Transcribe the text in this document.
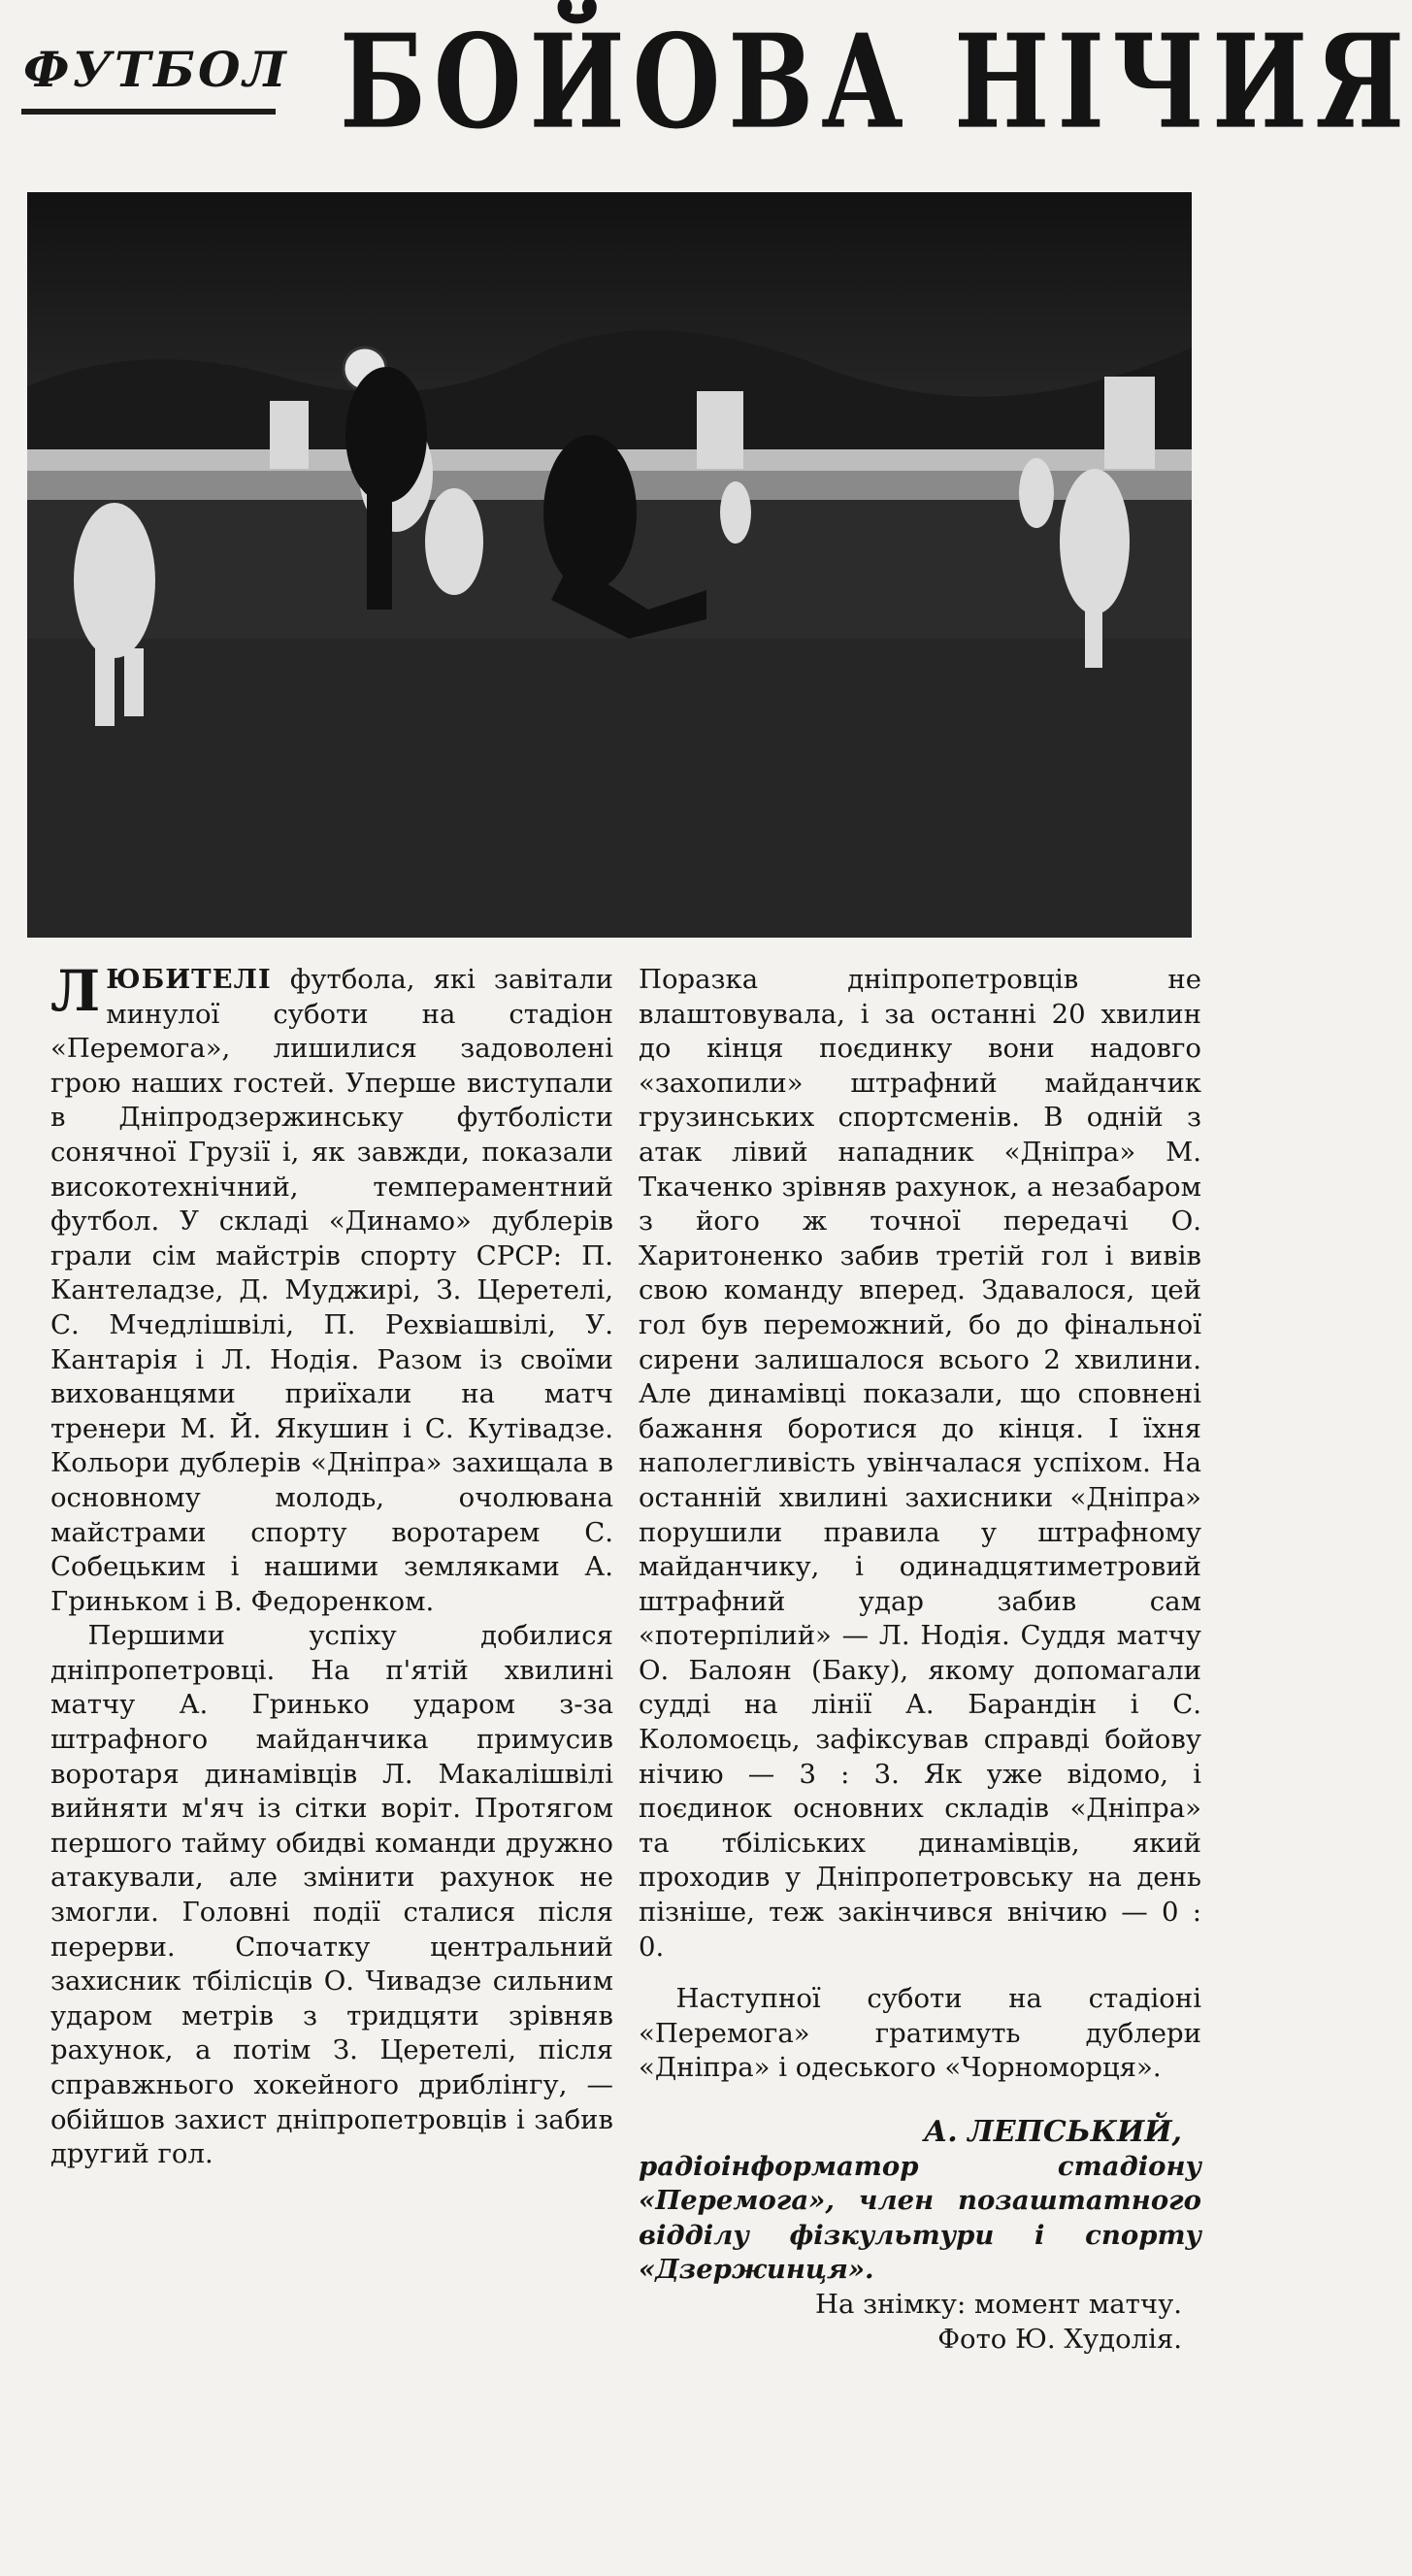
ФУТБОЛ БОЙОВА НІЧИЯ

ЛЮБИТЕЛІ футбола, які завітали минулої суботи на стадіон «Перемога», лишилися задоволені грою наших гостей. Уперше виступали в Дніпродзержинську футболісти сонячної Грузії і, як завжди, показали високотехнічний, темпераментний футбол. У складі «Динамо» дублерів грали сім майстрів спорту СРСР: П. Кантеладзе, Д. Муджирі, З. Церетелі, С. Мчедлішвілі, П. Рехвіашвілі, У. Кантарія і Л. Нодія. Разом із своїми вихованцями приїхали на матч тренери М. Й. Якушин і С. Кутівадзе. Кольори дублерів «Дніпра» захищала в основному молодь, очолювана майстрами спорту воротарем С. Собецьким і нашими земляками А. Гриньком і В. Федоренком.

Першими успіху добилися дніпропетровці. На п'ятій хвилині матчу А. Гринько ударом з-за штрафного майданчика примусив воротаря динамівців Л. Макалішвілі вийняти м'яч із сітки воріт. Протягом першого тайму обидві команди дружно атакували, але змінити рахунок не змогли. Головні події сталися після перерви. Спочатку центральний захисник тбілісців О. Чивадзе сильним ударом метрів з тридцяти зрівняв рахунок, а потім З. Церетелі, після справжнього хокейного дриблінгу, — обійшов захист дніпропетровців і забив другий гол.

Поразка дніпропетровців не влаштовувала, і за останні 20 хвилин до кінця поєдинку вони надовго «захопили» штрафний майданчик грузинських спортсменів. В одній з атак лівий нападник «Дніпра» М. Ткаченко зрівняв рахунок, а незабаром з його ж точної передачі О. Харитоненко забив третій гол і вивів свою команду вперед. Здавалося, цей гол був переможний, бо до фінальної сирени залишалося всього 2 хвилини. Але динамівці показали, що сповнені бажання боротися до кінця. І їхня наполегливість увінчалася успіхом. На останній хвилині захисники «Дніпра» порушили правила у штрафному майданчику, і одинадцятиметровий штрафний удар забив сам «потерпілий» — Л. Нодія. Суддя матчу О. Балоян (Баку), якому допомагали судді на лінії А. Барандін і С. Коломоєць, зафіксував справді бойову нічию — 3 : 3. Як уже відомо, і поєдинок основних складів «Дніпра» та тбіліських динамівців, який проходив у Дніпропетровську на день пізніше, теж закінчився внічию — 0 : 0.

Наступної суботи на стадіоні «Перемога» гратимуть дублери «Дніпра» і одеського «Чорноморця».

А. ЛЕПСЬКИЙ,

радіоінформатор стадіону «Перемога», член позаштатного відділу фізкультури і спорту «Дзержинця».

На знімку: момент матчу.

Фото Ю. Худолія.
